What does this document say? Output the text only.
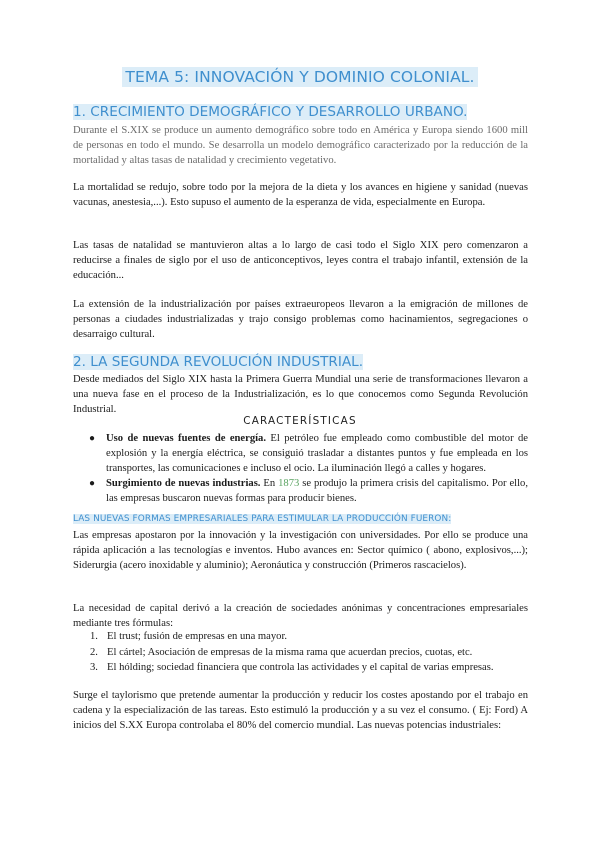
TEMA 5: INNOVACIÓN Y DOMINIO COLONIAL.
1. CRECIMIENTO DEMOGRÁFICO Y DESARROLLO URBANO.

Durante el S.XIX se produce un aumento demográfico sobre todo en América y Europa siendo 1600 mill de personas en todo el mundo. Se desarrolla un modelo demográfico caracterizado por la reducción de la mortalidad y altas tasas de natalidad y crecimiento vegetativo.

La mortalidad se redujo, sobre todo por la mejora de la dieta y los avances en higiene y sanidad (nuevas vacunas, anestesia,...). Esto supuso el aumento de la esperanza de vida, especialmente en Europa.

Las tasas de natalidad se mantuvieron altas a lo largo de casi todo el Siglo XIX pero comenzaron a reducirse a finales de siglo por el uso de anticonceptivos, leyes contra el trabajo infantil, extensión de la educación...

La extensión de la industrialización por países extraeuropeos llevaron a la emigración de millones de personas a ciudades industrializadas y trajo consigo problemas como hacinamientos, segregaciones o desarraigo cultural.

2. LA SEGUNDA REVOLUCIÓN INDUSTRIAL.

Desde mediados del Siglo XIX hasta la Primera Guerra Mundial una serie de transformaciones llevaron a una nueva fase en el proceso de la Industrialización, es lo que conocemos como Segunda Revolución Industrial.

CARACTERÍSTICAS
● Uso de nuevas fuentes de energía. El petróleo fue empleado como combustible del motor de explosión y la energía eléctrica, se consiguió trasladar a distantes puntos y fue empleada en los transportes, las comunicaciones e incluso el ocio. La iluminación llegó a calles y hogares.
● Surgimiento de nuevas industrias. En 1873 se produjo la primera crisis del capitalismo. Por ello, las empresas buscaron nuevas formas para producir bienes.
LAS NUEVAS FORMAS EMPRESARIALES PARA ESTIMULAR LA PRODUCCIÓN FUERON:

Las empresas apostaron por la innovación y la investigación con universidades. Por ello se produce una rápida aplicación a las tecnologías e inventos. Hubo avances en: Sector químico ( abono, explosivos,...); Siderurgia (acero inoxidable y aluminio); Aeronáutica y construcción (Primeros rascacielos).

La necesidad de capital derivó a la creación de sociedades anónimas y concentraciones empresariales mediante tres fórmulas:

1. El trust; fusión de empresas en una mayor.
2. El cártel; Asociación de empresas de la misma rama que acuerdan precios, cuotas, etc.
3. El hólding; sociedad financiera que controla las actividades y el capital de varias empresas.

Surge el taylorismo que pretende aumentar la producción y reducir los costes apostando por el trabajo en cadena y la especialización de las tareas. Esto estimuló la producción y a su vez el consumo. ( Ej: Ford) A inicios del S.XX Europa controlaba el 80% del comercio mundial. Las nuevas potencias industriales:
